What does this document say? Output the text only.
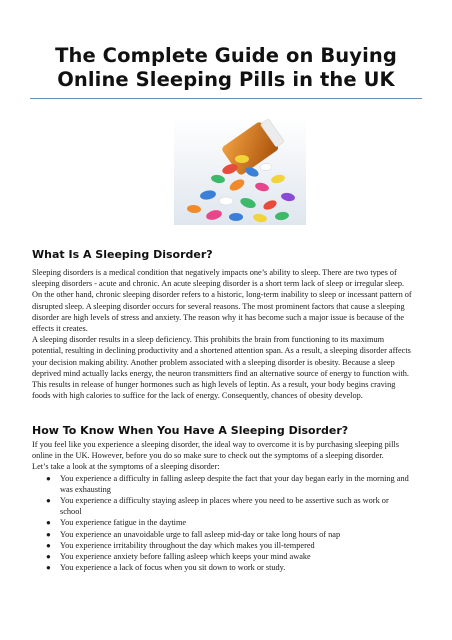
The Complete Guide on Buying Online Sleeping Pills in the UK
What Is A Sleeping Disorder?

Sleeping disorders is a medical condition that negatively impacts one’s ability to sleep. There are two types of sleeping disorders - acute and chronic. An acute sleeping disorder is a short term lack of sleep or irregular sleep. On the other hand, chronic sleeping disorder refers to a historic, long-term inability to sleep or incessant pattern of disrupted sleep. A sleeping disorder occurs for several reasons. The most prominent factors that cause a sleeping disorder are high levels of stress and anxiety. The reason why it has become such a major issue is because of the effects it creates.

A sleeping disorder results in a sleep deficiency. This prohibits the brain from functioning to its maximum potential, resulting in declining productivity and a shortened attention span. As a result, a sleeping disorder affects your decision making ability. Another problem associated with a sleeping disorder is obesity. Because a sleep deprived mind actually lacks energy, the neuron transmitters find an alternative source of energy to function with. This results in release of hunger hormones such as high levels of leptin. As a result, your body begins craving foods with high calories to suffice for the lack of energy. Consequently, chances of obesity develop.

How To Know When You Have A Sleeping Disorder?

If you feel like you experience a sleeping disorder, the ideal way to overcome it is by purchasing sleeping pills online in the UK. However, before you do so make sure to check out the symptoms of a sleeping disorder.

Let’s take a look at the symptoms of a sleeping disorder:

● You experience a difficulty in falling asleep despite the fact that your day began early in the morning and was exhausting
● You experience a difficulty staying asleep in places where you need to be assertive such as work or school
● You experience fatigue in the daytime
● You experience an unavoidable urge to fall asleep mid-day or take long hours of nap
● You experience irritability throughout the day which makes you ill-tempered
● You experience anxiety before falling asleep which keeps your mind awake
● You experience a lack of focus when you sit down to work or study.
